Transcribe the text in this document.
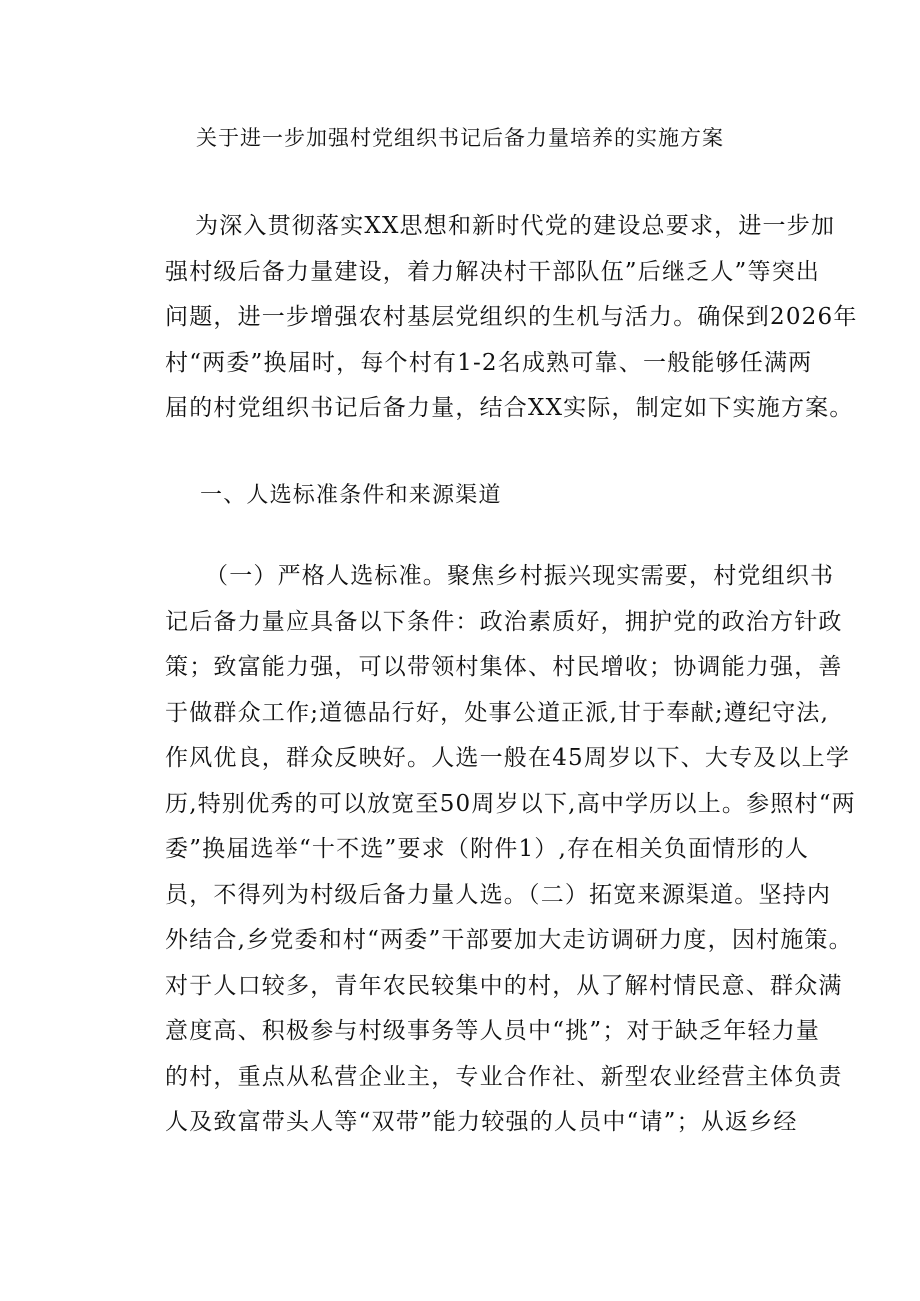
关于进一步加强村党组织书记后备力量培养的实施方案
为深入贯彻落实XX思想和新时代党的建设总要求，进一步加
强村级后备力量建设，着力解决村干部队伍”后继乏人”等突出
问题，进一步增强农村基层党组织的生机与活力。确保到2026年
村“两委”换届时，每个村有1-2名成熟可靠、一般能够任满两
届的村党组织书记后备力量，结合XX实际，制定如下实施方案。
一、人选标准条件和来源渠道
（一）严格人选标准。聚焦乡村振兴现实需要，村党组织书
记后备力量应具备以下条件：政治素质好，拥护党的政治方针政
策；致富能力强，可以带领村集体、村民增收；协调能力强，善
于做群众工作;道德品行好，处事公道正派,甘于奉献;遵纪守法,
作风优良，群众反映好。人选一般在45周岁以下、大专及以上学
历,特别优秀的可以放宽至50周岁以下,高中学历以上。参照村“两
委”换届选举“十不选”要求（附件1）,存在相关负面情形的人
员，不得列为村级后备力量人选。（二）拓宽来源渠道。坚持内
外结合,乡党委和村“两委”干部要加大走访调研力度，因村施策。
对于人口较多，青年农民较集中的村，从了解村情民意、群众满
意度高、积极参与村级事务等人员中“挑”；对于缺乏年轻力量
的村，重点从私营企业主，专业合作社、新型农业经营主体负责
人及致富带头人等“双带”能力较强的人员中“请”；从返乡经
